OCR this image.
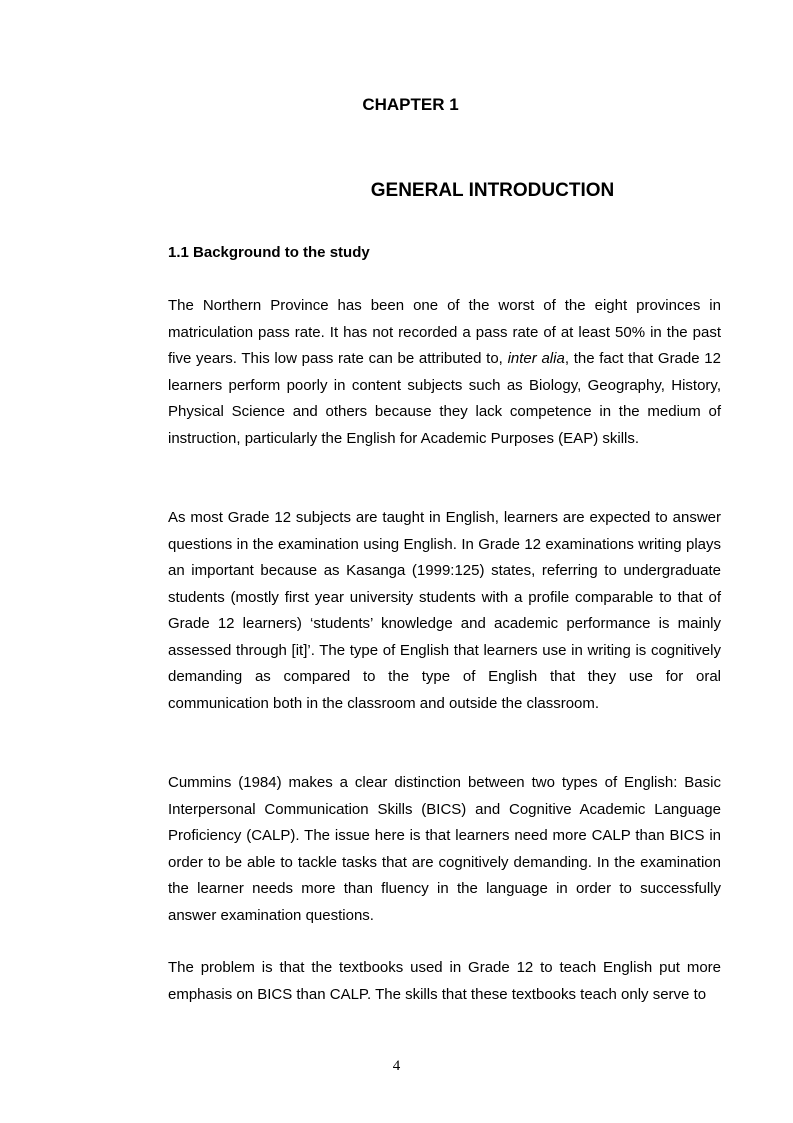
CHAPTER 1
GENERAL INTRODUCTION
1.1 Background to the study

The Northern Province has been one of the worst of the eight provinces in matriculation pass rate. It has not recorded a pass rate of at least 50% in the past five years. This low pass rate can be attributed to, inter alia, the fact that Grade 12 learners perform poorly in content subjects such as Biology, Geography, History, Physical Science and others because they lack competence in the medium of instruction, particularly the English for Academic Purposes (EAP) skills.

As most Grade 12 subjects are taught in English, learners are expected to answer questions in the examination using English. In Grade 12 examinations writing plays an important because as Kasanga (1999:125) states, referring to undergraduate students (mostly first year university students with a profile comparable to that of Grade 12 learners) ‘students’ knowledge and academic performance is mainly assessed through [it]’. The type of English that learners use in writing is cognitively demanding as compared to the type of English that they use for oral communication both in the classroom and outside the classroom.

Cummins (1984) makes a clear distinction between two types of English: Basic Interpersonal Communication Skills (BICS) and Cognitive Academic Language Proficiency (CALP). The issue here is that learners need more CALP than BICS in order to be able to tackle tasks that are cognitively demanding. In the examination the learner needs more than fluency in the language in order to successfully answer examination questions.

The problem is that the textbooks used in Grade 12 to teach English put more emphasis on BICS than CALP. The skills that these textbooks teach only serve to

4
